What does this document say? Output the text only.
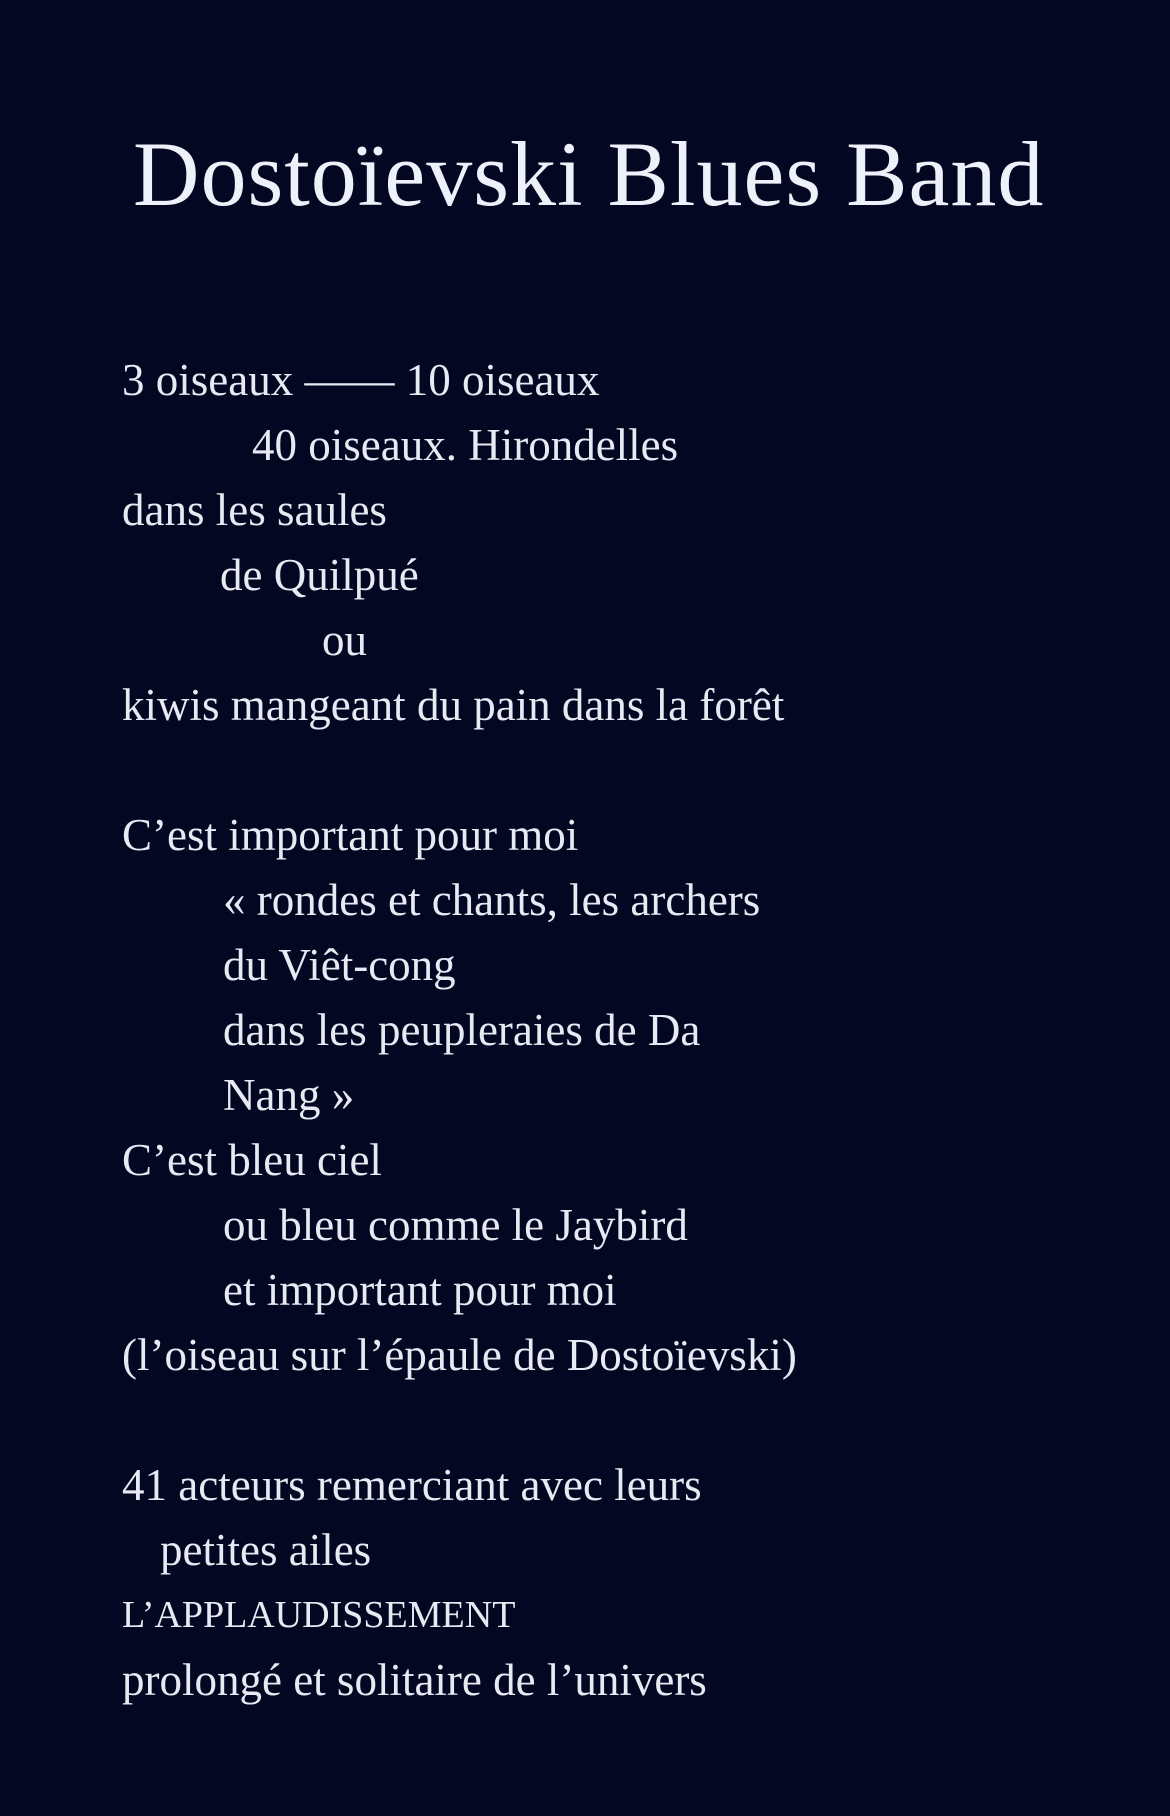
Dostoïevski Blues Band
3 oiseaux —— 10 oiseaux
40 oiseaux. Hirondelles
dans les saules
de Quilpué
ou
kiwis mangeant du pain dans la forêt
C’est important pour moi
« rondes et chants, les archers
du Viêt-cong
dans les peupleraies de Da
Nang »
C’est bleu ciel
ou bleu comme le Jaybird
et important pour moi
(l’oiseau sur l’épaule de Dostoïevski)
41 acteurs remerciant avec leurs
petites ailes
L’APPLAUDISSEMENT
prolongé et solitaire de l’univers
